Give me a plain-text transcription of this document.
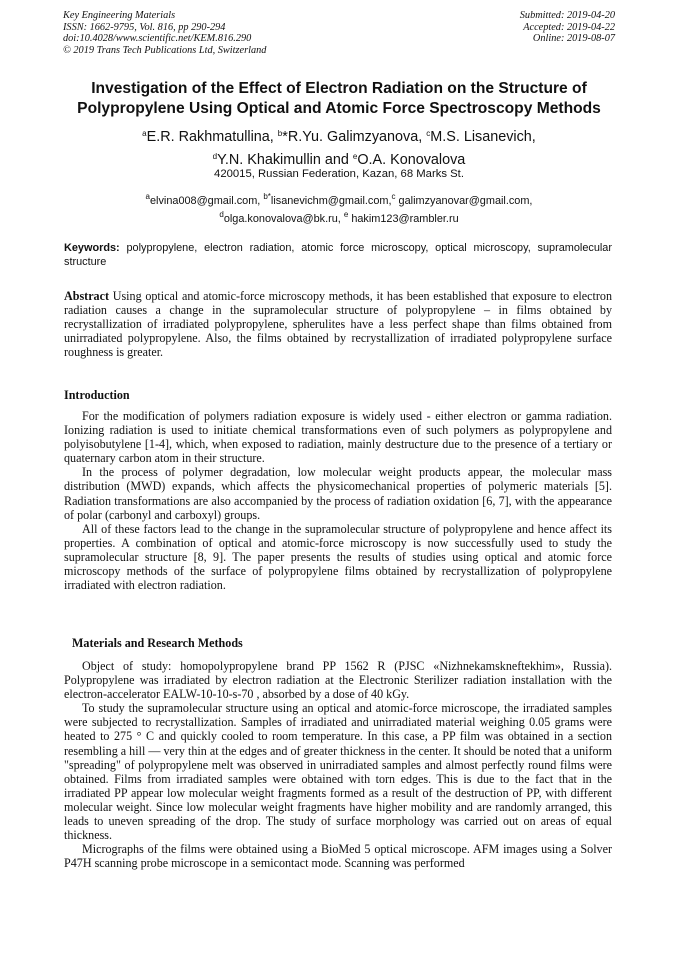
Key Engineering Materials
ISSN: 1662-9795, Vol. 816, pp 290-294
doi:10.4028/www.scientific.net/KEM.816.290
© 2019 Trans Tech Publications Ltd, Switzerland
Submitted: 2019-04-20
Accepted: 2019-04-22
Online: 2019-08-07
Investigation of the Effect of Electron Radiation on the Structure of Polypropylene Using Optical and Atomic Force Spectroscopy Methods
$^a$E.R. Rakhmatullina, $^b$*R.Yu. Galimzyanova, $^c$M.S. Lisanevich,
$^d$Y.N. Khakimullin and $^e$O.A. Konovalova
420015, Russian Federation, Kazan, 68 Marks St.
$^a$elvina008@gmail.com, $^{b*}$lisanevichm@gmail.com,$^c$ galimzyanovar@gmail.com,
$^d$olga.konovalova@bk.ru, $^e$ hakim123@rambler.ru
Keywords: polypropylene, electron radiation, atomic force microscopy, optical microscopy, supramolecular structure
Abstract Using optical and atomic-force microscopy methods, it has been established that exposure to electron radiation causes a change in the supramolecular structure of polypropylene – in films obtained by recrystallization of irradiated polypropylene, spherulites have a less perfect shape than films obtained from unirradiated polypropylene. Also, the films obtained by recrystallization of irradiated polypropylene surface roughness is greater.
Introduction

For the modification of polymers radiation exposure is widely used - either electron or gamma radiation. Ionizing radiation is used to initiate chemical transformations even of such polymers as polypropylene and polyisobutylene [1-4], which, when exposed to radiation, mainly destructure due to the presence of a tertiary or quaternary carbon atom in their structure.

In the process of polymer degradation, low molecular weight products appear, the molecular mass distribution (MWD) expands, which affects the physicomechanical properties of polymeric materials [5]. Radiation transformations are also accompanied by the process of radiation oxidation [6, 7], with the appearance of polar (carbonyl and carboxyl) groups.

All of these factors lead to the change in the supramolecular structure of polypropylene and hence affect its properties. A combination of optical and atomic-force microscopy is now successfully used to study the supramolecular structure [8, 9]. The paper presents the results of studies using optical and atomic force microscopy methods of the surface of polypropylene films obtained by recrystallization of polypropylene irradiated with electron radiation.

Materials and Research Methods

Object of study: homopolypropylene brand PP 1562 R (PJSC «Nizhnekamskneftekhim», Russia). Polypropylene was irradiated by electron radiation at the Electronic Sterilizer radiation installation with the electron-accelerator EALW-10-10-s-70 , absorbed by a dose of 40 kGy.

To study the supramolecular structure using an optical and atomic-force microscope, the irradiated samples were subjected to recrystallization. Samples of irradiated and unirradiated material weighing 0.05 grams were heated to 275 ° C and quickly cooled to room temperature. In this case, a PP film was obtained in a section resembling a hill — very thin at the edges and of greater thickness in the center. It should be noted that a uniform "spreading" of polypropylene melt was observed in unirradiated samples and almost perfectly round films were obtained. Films from irradiated samples were obtained with torn edges. This is due to the fact that in the irradiated PP appear low molecular weight fragments formed as a result of the destruction of PP, with different molecular weight. Since low molecular weight fragments have higher mobility and are randomly arranged, this leads to uneven spreading of the drop. The study of surface morphology was carried out on areas of equal thickness.

Micrographs of the films were obtained using a BioMed 5 optical microscope. AFM images using a Solver P47H scanning probe microscope in a semicontact mode. Scanning was performed
